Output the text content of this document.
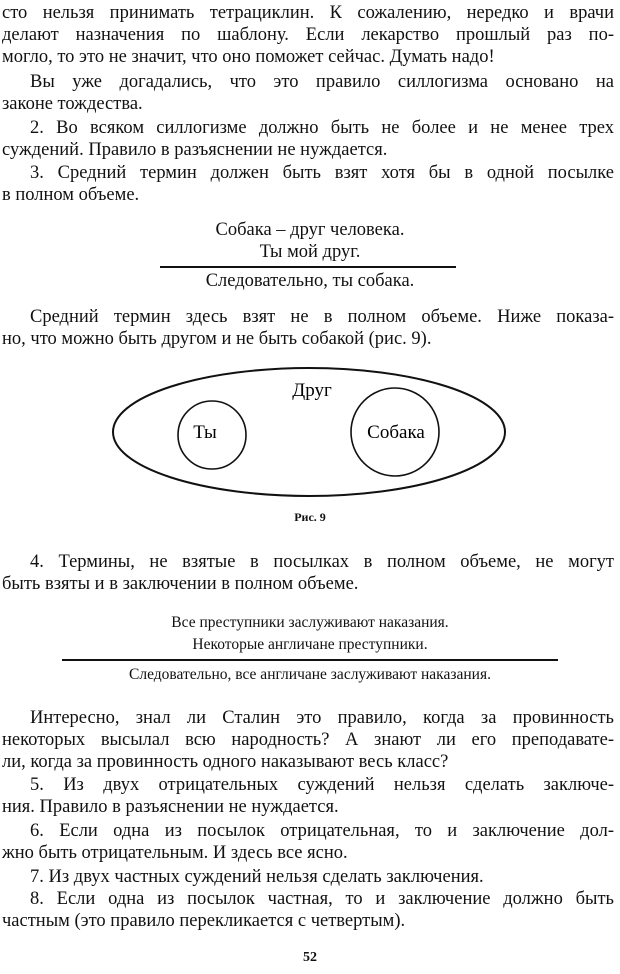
сто нельзя принимать тетрациклин. К сожалению, нередко и врачи
делают назначения по шаблону. Если лекарство прошлый раз по-
могло, то это не значит, что оно поможет сейчас. Думать надо!
Вы уже догадались, что это правило силлогизма основано на
законе тождества.
2. Во всяком силлогизме должно быть не более и не менее трех
суждений. Правило в разъяснении не нуждается.
3. Средний термин должен быть взят хотя бы в одной посылке
в полном объеме.
Собака – друг человека.
Ты мой друг.
Следовательно, ты собака.
Средний термин здесь взят не в полном объеме. Ниже показа-
но, что можно быть другом и не быть собакой (рис. 9).
Друг
Ты	Собака
Рис. 9
4. Термины, не взятые в посылках в полном объеме, не могут
быть взяты и в заключении в полном объеме.
Все преступники заслуживают наказания.
Некоторые англичане преступники.
Следовательно, все англичане заслуживают наказания.
Интересно, знал ли Сталин это правило, когда за провинность
некоторых высылал всю народность? А знают ли его преподавате-
ли, когда за провинность одного наказывают весь класс?
5. Из двух отрицательных суждений нельзя сделать заключе-
ния. Правило в разъяснении не нуждается.
6. Если одна из посылок отрицательная, то и заключение дол-
жно быть отрицательным. И здесь все ясно.
7. Из двух частных суждений нельзя сделать заключения.
8. Если одна из посылок частная, то и заключение должно быть
частным (это правило перекликается с четвертым).
52
